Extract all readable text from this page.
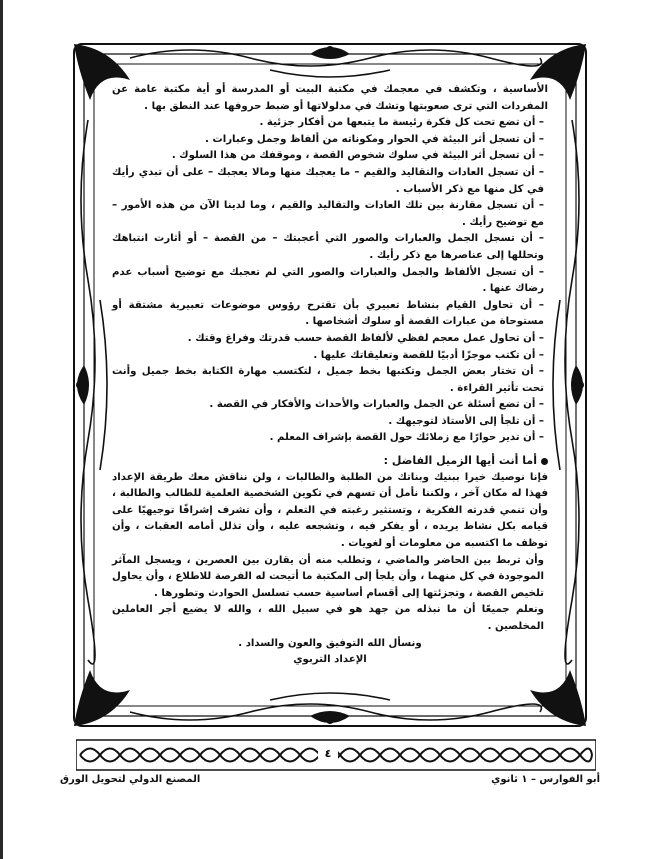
الأساسية ، وتكشف في معجمك في مكتبة البيت أو المدرسة أو أية مكتبة عامة عن المفردات التي ترى صعوبتها وتشك في مدلولاتها أو ضبط حروفها عند النطق بها .

– أن تضع تحت كل فكرة رئيسة ما يتبعها من أفكار جزئية .

– أن تسجل أثر البيئة في الحوار ومكوناته من ألفاظ وجمل وعبارات .

– أن تسجل أثر البيئة في سلوك شخوص القصة ، وموقفك من هذا السلوك .

– أن تسجل العادات والتقاليد والقيم – ما يعجبك منها ومالا يعجبك – على أن تبدي رأيك في كل منها مع ذكر الأسباب .

– أن تسجل مقارنة بين تلك العادات والتقاليد والقيم ، وما لدينا الآن من هذه الأمور – مع توضيح رأيك .

– أن تسجل الجمل والعبارات والصور التي أعجبتك – من القصة – أو أثارت انتباهك وتحللها إلى عناصرها مع ذكر رأيك .

– أن تسجل الألفاظ والجمل والعبارات والصور التي لم تعجبك مع توضيح أسباب عدم رضاك عنها .

– أن تحاول القيام بنشاط تعبيري بأن تقترح رؤوس موضوعات تعبيرية مشتقة أو مستوحاة من عبارات القصة أو سلوك أشخاصها .

– أن تحاول عمل معجم لفظي لألفاظ القصة حسب قدرتك وفراغ وقتك .

– أن تكتب موجزًا أدبيًا للقصة وتعليقاتك عليها .

– أن تختار بعض الجمل وتكتبها بخط جميل ، لتكتسب مهارة الكتابة بخط جميل وأنت تحت تأثير القراءة .

– أن تضع أسئلة عن الجمل والعبارات والأحداث والأفكار في القصة .

– أن تلجأ إلى الأستاذ لتوجيهك .

– أن تدير حوارًا مع زملائك حول القصة بإشراف المعلم .

أما أنت أيها الزميل الفاضل :

فإنا نوصيك خيرا ببنيك وبناتك من الطلبة والطالبات ، ولن نناقش معك طريقة الإعداد فهذا له مكان آخر ، ولكننا نأمل أن تسهم في تكوين الشخصية العلمية للطالب والطالبة ، وأن تنمي قدرته الفكرية ، وتستثير رغبته في التعلم ، وأن تشرف إشرافًا توجيهيًا على قيامه بكل نشاط يريده ، أو يفكر فيه ، وتشجعه عليه ، وأن تذلل أمامه العقبات ، وأن توظف ما اكتسبه من معلومات أو لغويات .

وأن تربط بين الحاضر والماضي ، وتطلب منه أن يقارن بين العصرين ، ويسجل المآثر الموجودة في كل منهما ، وأن يلجأ إلى المكتبة ما أتيحت له الفرصة للاطلاع ، وأن يحاول تلخيص القصة ، وتجزئتها إلى أقسام أساسية حسب تسلسل الحوادث وتطورها .

ونعلم جميعًا أن ما نبذله من جهد هو في سبيل الله ، والله لا يضيع أجر العاملين المخلصين .

ونسأل الله التوفيق والعون والسداد .

الإعداد التربوي

٤
أبو الفوارس – ١ ثانوي
المصنع الدولي لتحويل الورق
